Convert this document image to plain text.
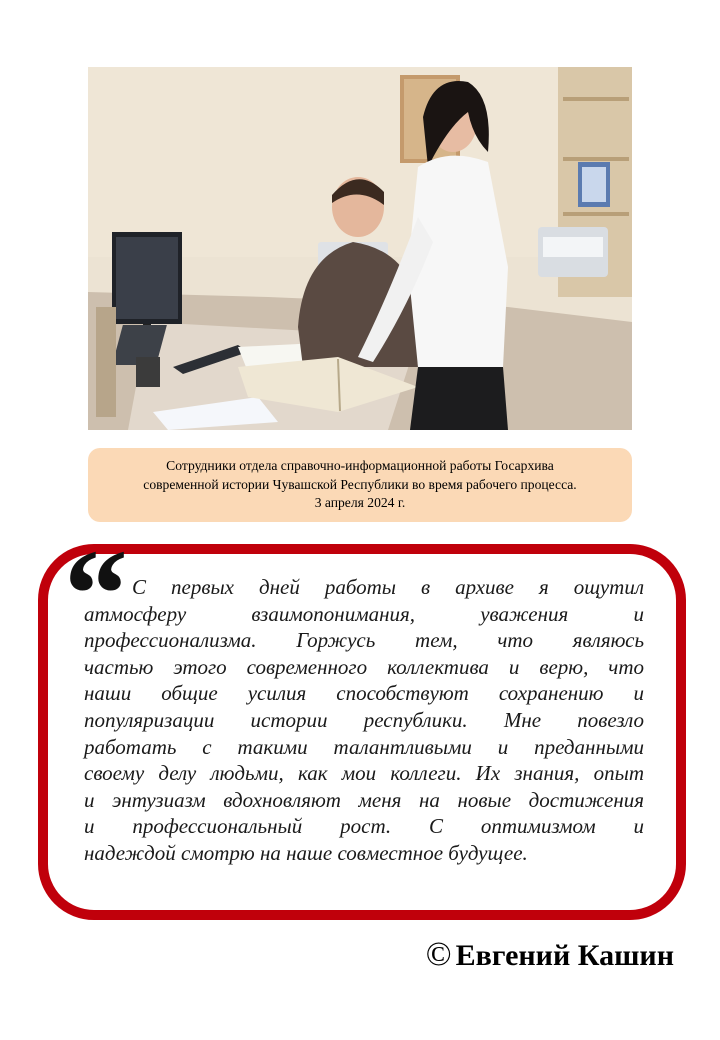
Сотрудники отдела справочно-информационной работы Госархива
современной истории Чувашской Республики во время рабочего процесса.
3 апреля 2024 г.
“ С первых дней работы в архиве я ощутил
атмосферу взаимопонимания, уважения и
профессионализма. Горжусь тем, что являюсь
частью этого современного коллектива и верю, что
наши общие усилия способствуют сохранению и
популяризации истории республики. Мне повезло
работать с такими талантливыми и преданными
своему делу людьми, как мои коллеги. Их знания, опыт
и энтузиазм вдохновляют меня на новые достижения
и профессиональный рост. С оптимизмом и
надеждой смотрю на наше совместное будущее.
© Евгений Кашин
